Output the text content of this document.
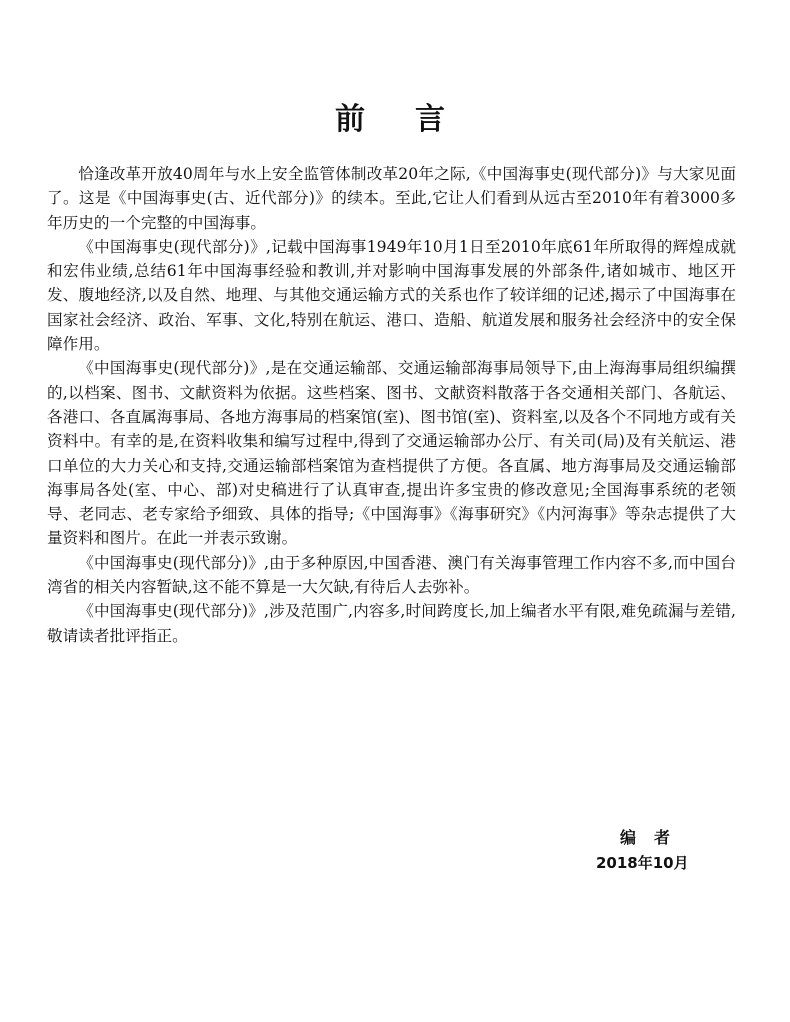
前言

恰逢改革开放40周年与水上安全监管体制改革20年之际,《中国海事史(现代部分)》与大家见面了。这是《中国海事史(古、近代部分)》的续本。至此,它让人们看到从远古至2010年有着3000多年历史的一个完整的中国海事。

《中国海事史(现代部分)》,记载中国海事1949年10月1日至2010年底61年所取得的辉煌成就和宏伟业绩,总结61年中国海事经验和教训,并对影响中国海事发展的外部条件,诸如城市、地区开发、腹地经济,以及自然、地理、与其他交通运输方式的关系也作了较详细的记述,揭示了中国海事在国家社会经济、政治、军事、文化,特别在航运、港口、造船、航道发展和服务社会经济中的安全保障作用。

《中国海事史(现代部分)》,是在交通运输部、交通运输部海事局领导下,由上海海事局组织编撰的,以档案、图书、文献资料为依据。这些档案、图书、文献资料散落于各交通相关部门、各航运、各港口、各直属海事局、各地方海事局的档案馆(室)、图书馆(室)、资料室,以及各个不同地方或有关资料中。有幸的是,在资料收集和编写过程中,得到了交通运输部办公厅、有关司(局)及有关航运、港口单位的大力关心和支持,交通运输部档案馆为查档提供了方便。各直属、地方海事局及交通运输部海事局各处(室、中心、部)对史稿进行了认真审查,提出许多宝贵的修改意见;全国海事系统的老领导、老同志、老专家给予细致、具体的指导;《中国海事》《海事研究》《内河海事》等杂志提供了大量资料和图片。在此一并表示致谢。

《中国海事史(现代部分)》,由于多种原因,中国香港、澳门有关海事管理工作内容不多,而中国台湾省的相关内容暂缺,这不能不算是一大欠缺,有待后人去弥补。

《中国海事史(现代部分)》,涉及范围广,内容多,时间跨度长,加上编者水平有限,难免疏漏与差错,敬请读者批评指正。

编者
2018年10月
